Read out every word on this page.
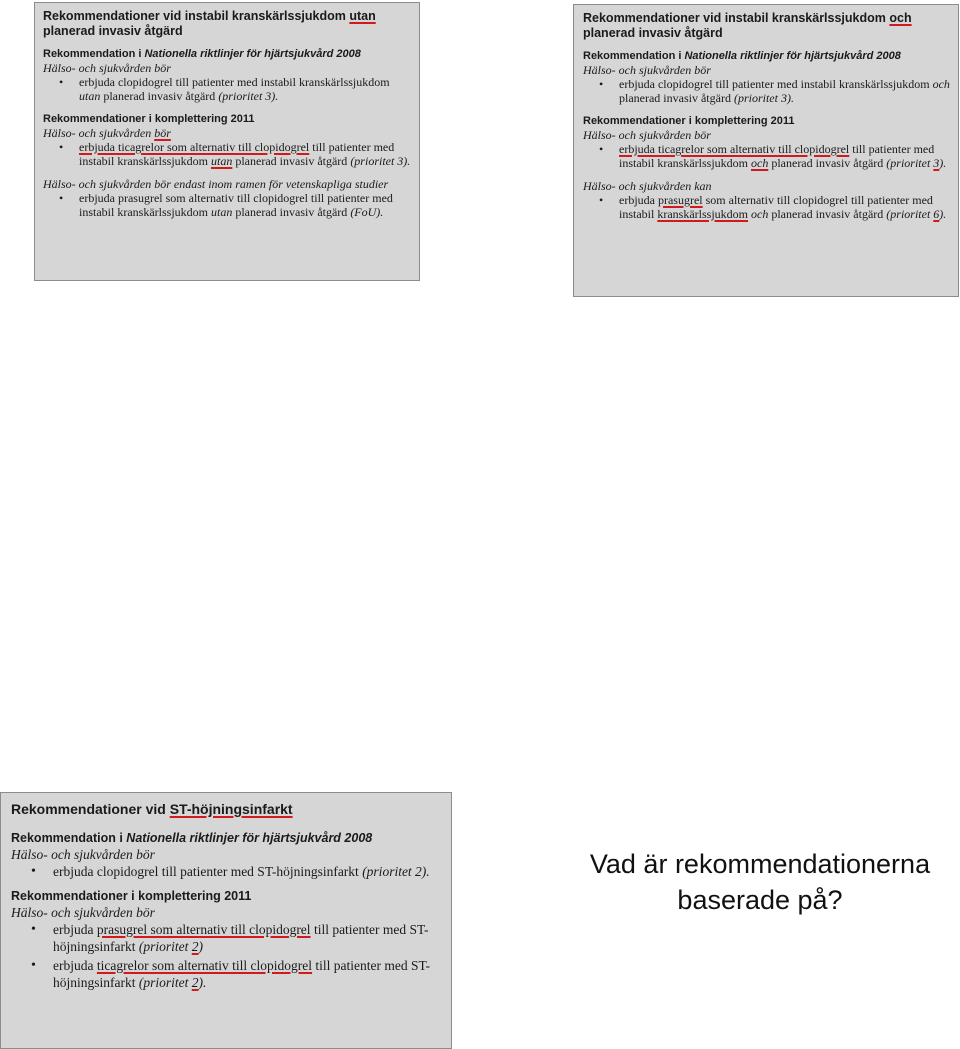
Rekommendationer vid instabil kranskärlssjukdom utan planerad invasiv åtgärd

Rekommendation i Nationella riktlinjer för hjärtsjukvård 2008

Hälso- och sjukvården bör

• erbjuda clopidogrel till patienter med instabil kranskärlssjukdom utan planerad invasiv åtgärd (prioritet 3).

Rekommendationer i komplettering 2011

Hälso- och sjukvården bör

• erbjuda ticagrelor som alternativ till clopidogrel till patienter med instabil kranskärlssjukdom utan planerad invasiv åtgärd (prioritet 3).

Hälso- och sjukvården bör endast inom ramen för vetenskapliga studier

• erbjuda prasugrel som alternativ till clopidogrel till patienter med instabil kranskärlssjukdom utan planerad invasiv åtgärd (FoU).

Rekommendationer vid instabil kranskärlssjukdom och planerad invasiv åtgärd

Rekommendation i Nationella riktlinjer för hjärtsjukvård 2008

Hälso- och sjukvården bör

• erbjuda clopidogrel till patienter med instabil kranskärlssjukdom och planerad invasiv åtgärd (prioritet 3).

Rekommendationer i komplettering 2011

Hälso- och sjukvården bör

• erbjuda ticagrelor som alternativ till clopidogrel till patienter med instabil kranskärlssjukdom och planerad invasiv åtgärd (prioritet 3).

Hälso- och sjukvården kan

• erbjuda prasugrel som alternativ till clopidogrel till patienter med instabil kranskärlssjukdom och planerad invasiv åtgärd (prioritet 6).

Rekommendationer vid ST-höjningsinfarkt

Rekommendation i Nationella riktlinjer för hjärtsjukvård 2008

Hälso- och sjukvården bör

• erbjuda clopidogrel till patienter med ST-höjningsinfarkt (prioritet 2).

Rekommendationer i komplettering 2011

Hälso- och sjukvården bör

• erbjuda prasugrel som alternativ till clopidogrel till patienter med ST-höjningsinfarkt (prioritet 2)
• erbjuda ticagrelor som alternativ till clopidogrel till patienter med ST-höjningsinfarkt (prioritet 2).

Vad är rekommendationerna
baserade på?
